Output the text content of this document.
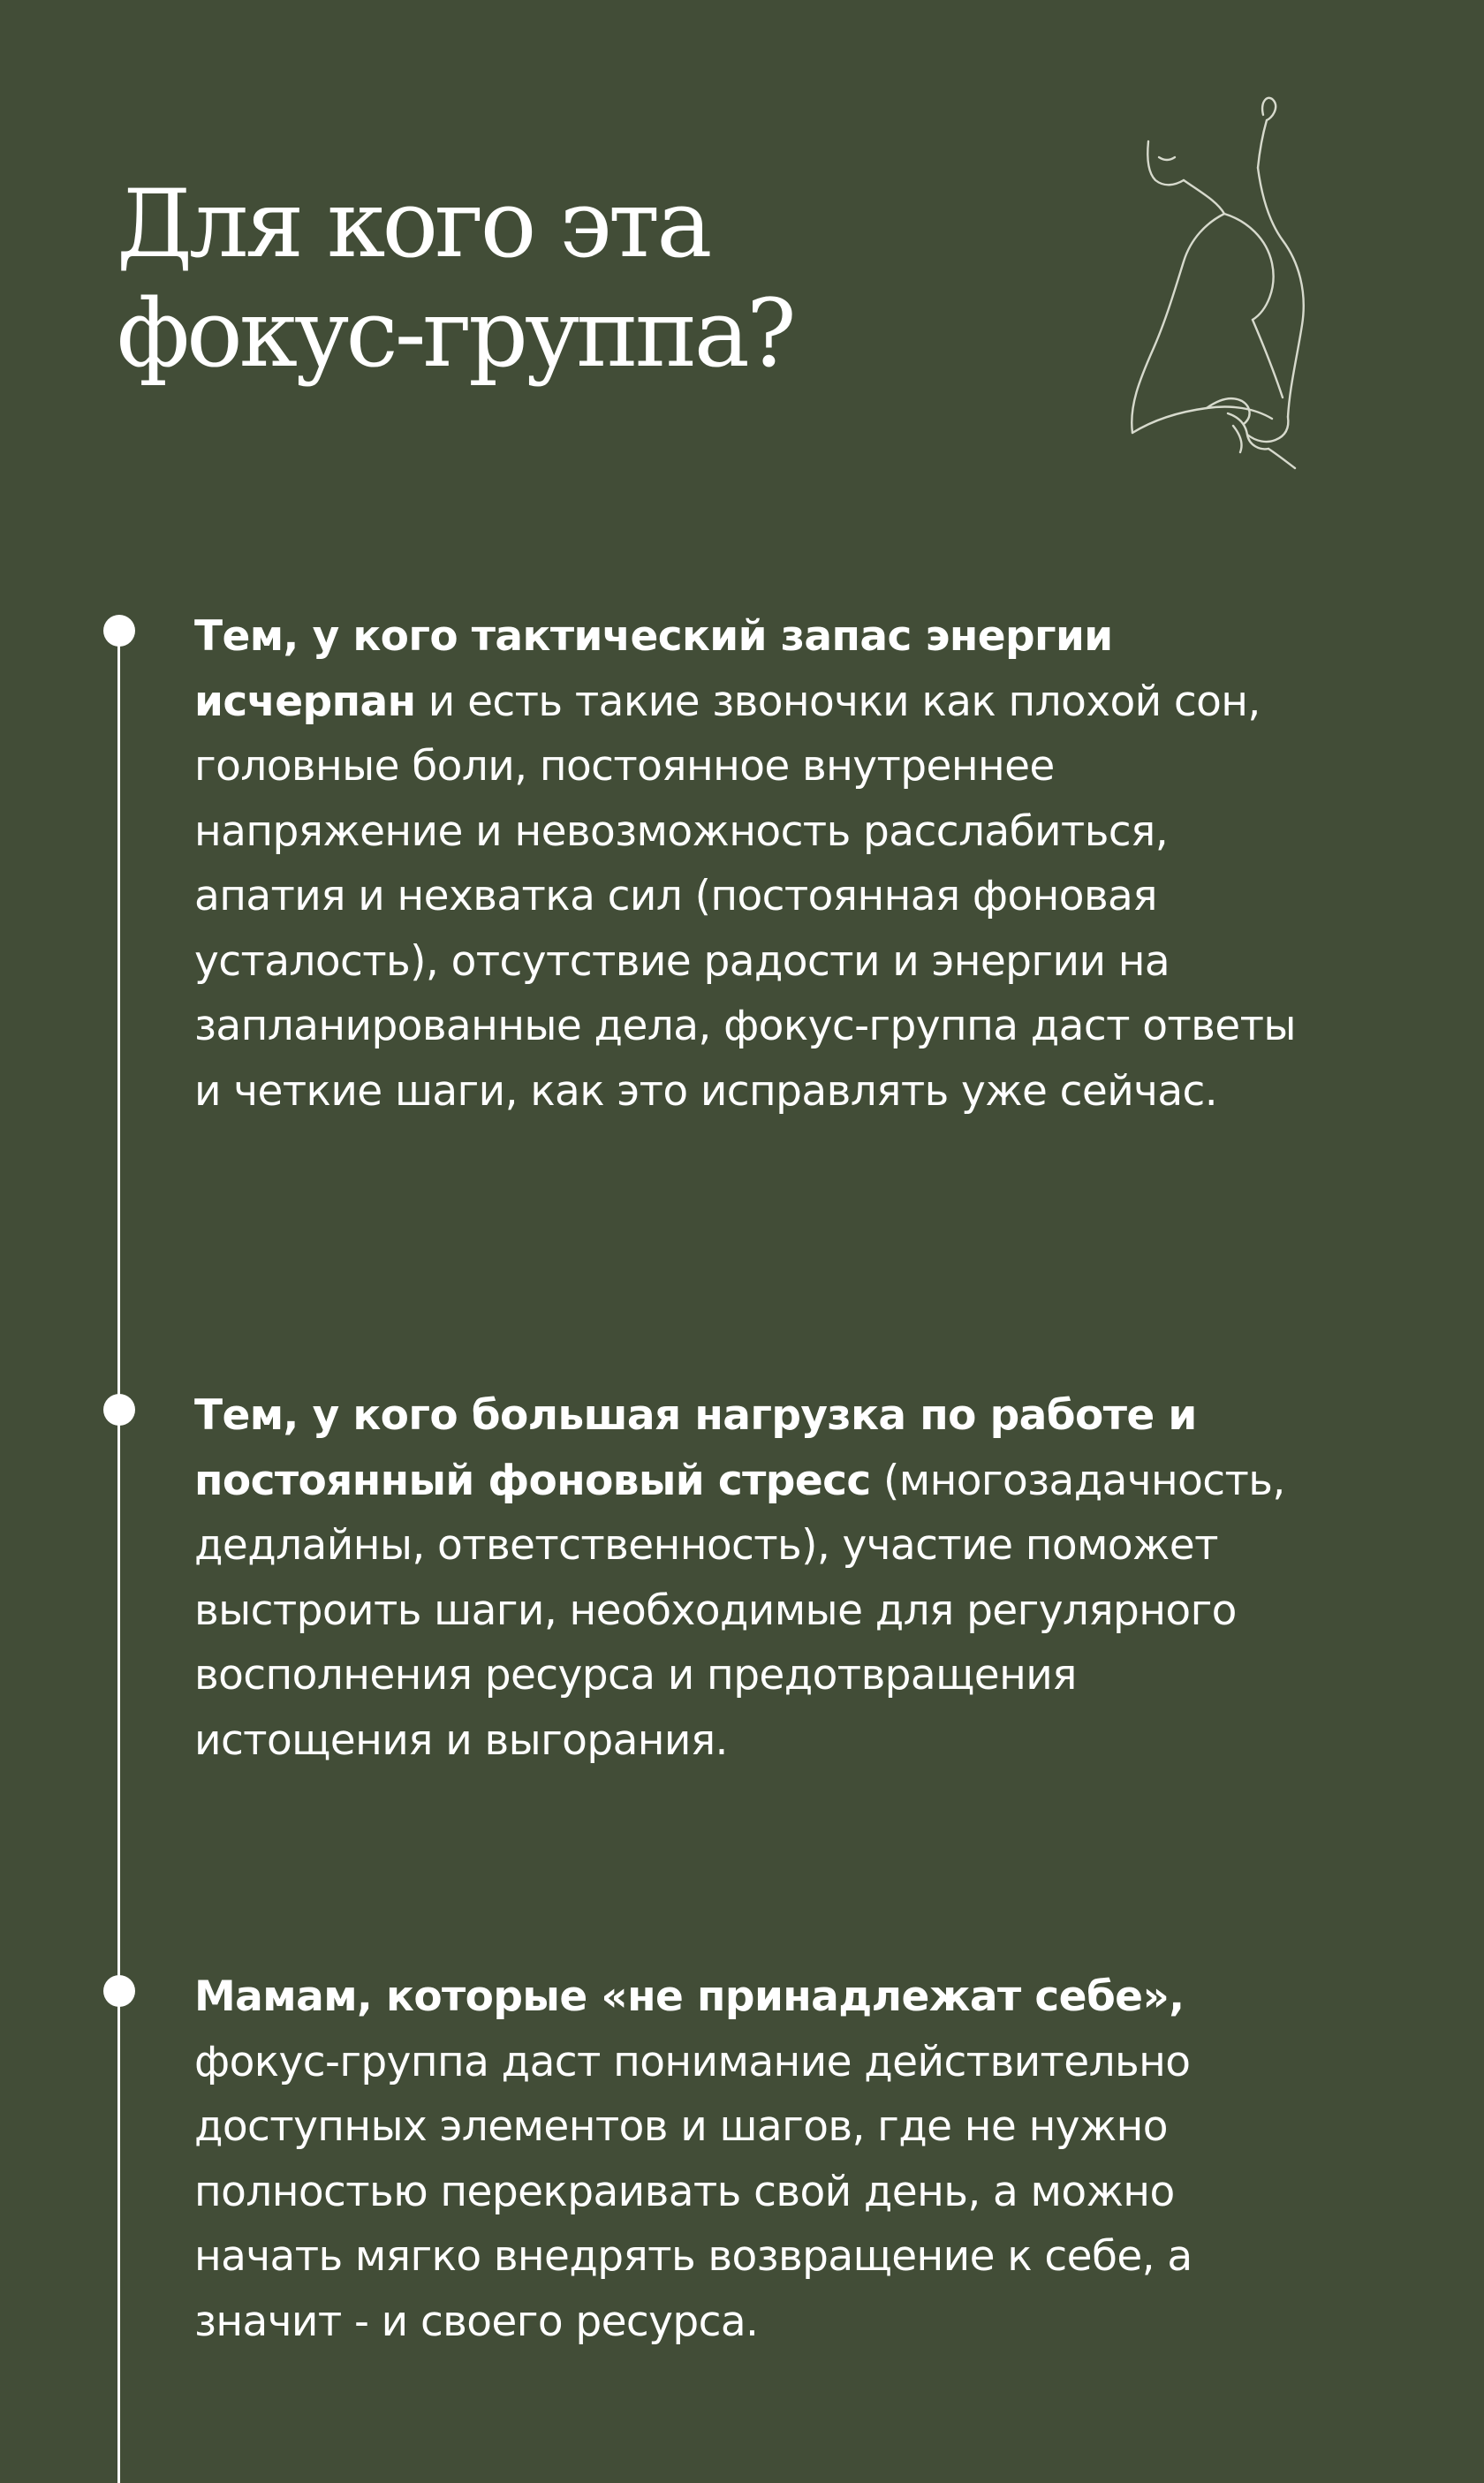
Для кого эта
фокус-группа?

Тем, у кого тактический запас энергии исчерпан и есть такие звоночки как плохой сон, головные боли, постоянное внутреннее напряжение и невозможность расслабиться, апатия и нехватка сил (постоянная фоновая усталость), отсутствие радости и энергии на запланированные дела, фокус-группа даст ответы и четкие шаги, как это исправлять уже сейчас.

Тем, у кого большая нагрузка по работе и постоянный фоновый стресс (многозадачность, дедлайны, ответственность), участие поможет выстроить шаги, необходимые для регулярного восполнения ресурса и предотвращения истощения и выгорания.

Мамам, которые «не принадлежат себе», фокус-группа даст понимание действительно доступных элементов и шагов, где не нужно полностью перекраивать свой день, а можно начать мягко внедрять возвращение к себе, а значит - и своего ресурса.
